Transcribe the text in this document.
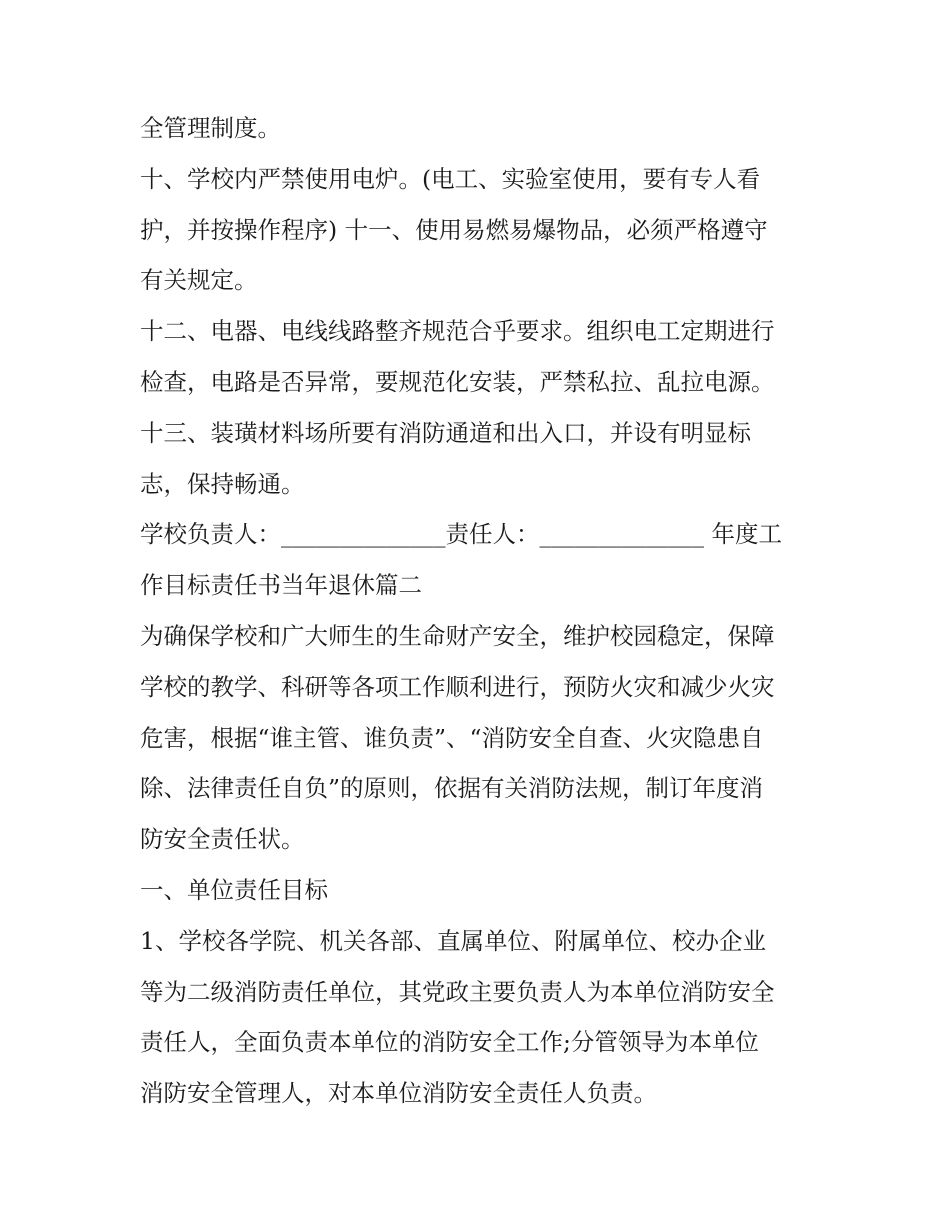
全管理制度。
十、学校内严禁使用电炉。(电工、实验室使用，要有专人看
护，并按操作程序) 十一、使用易燃易爆物品，必须严格遵守
有关规定。
十二、电器、电线线路整齐规范合乎要求。组织电工定期进行
检查，电路是否异常，要规范化安装，严禁私拉、乱拉电源。
十三、装璜材料场所要有消防通道和出入口，并设有明显标
志，保持畅通。
学校负责人：______________责任人：______________ 年度工
作目标责任书当年退休篇二
为确保学校和广大师生的生命财产安全，维护校园稳定，保障
学校的教学、科研等各项工作顺利进行，预防火灾和减少火灾
危害，根据“谁主管、谁负责”、“消防安全自查、火灾隐患自
除、法律责任自负”的原则，依据有关消防法规，制订年度消
防安全责任状。
一、单位责任目标
1、学校各学院、机关各部、直属单位、附属单位、校办企业
等为二级消防责任单位，其党政主要负责人为本单位消防安全
责任人，全面负责本单位的消防安全工作;分管领导为本单位
消防安全管理人，对本单位消防安全责任人负责。
